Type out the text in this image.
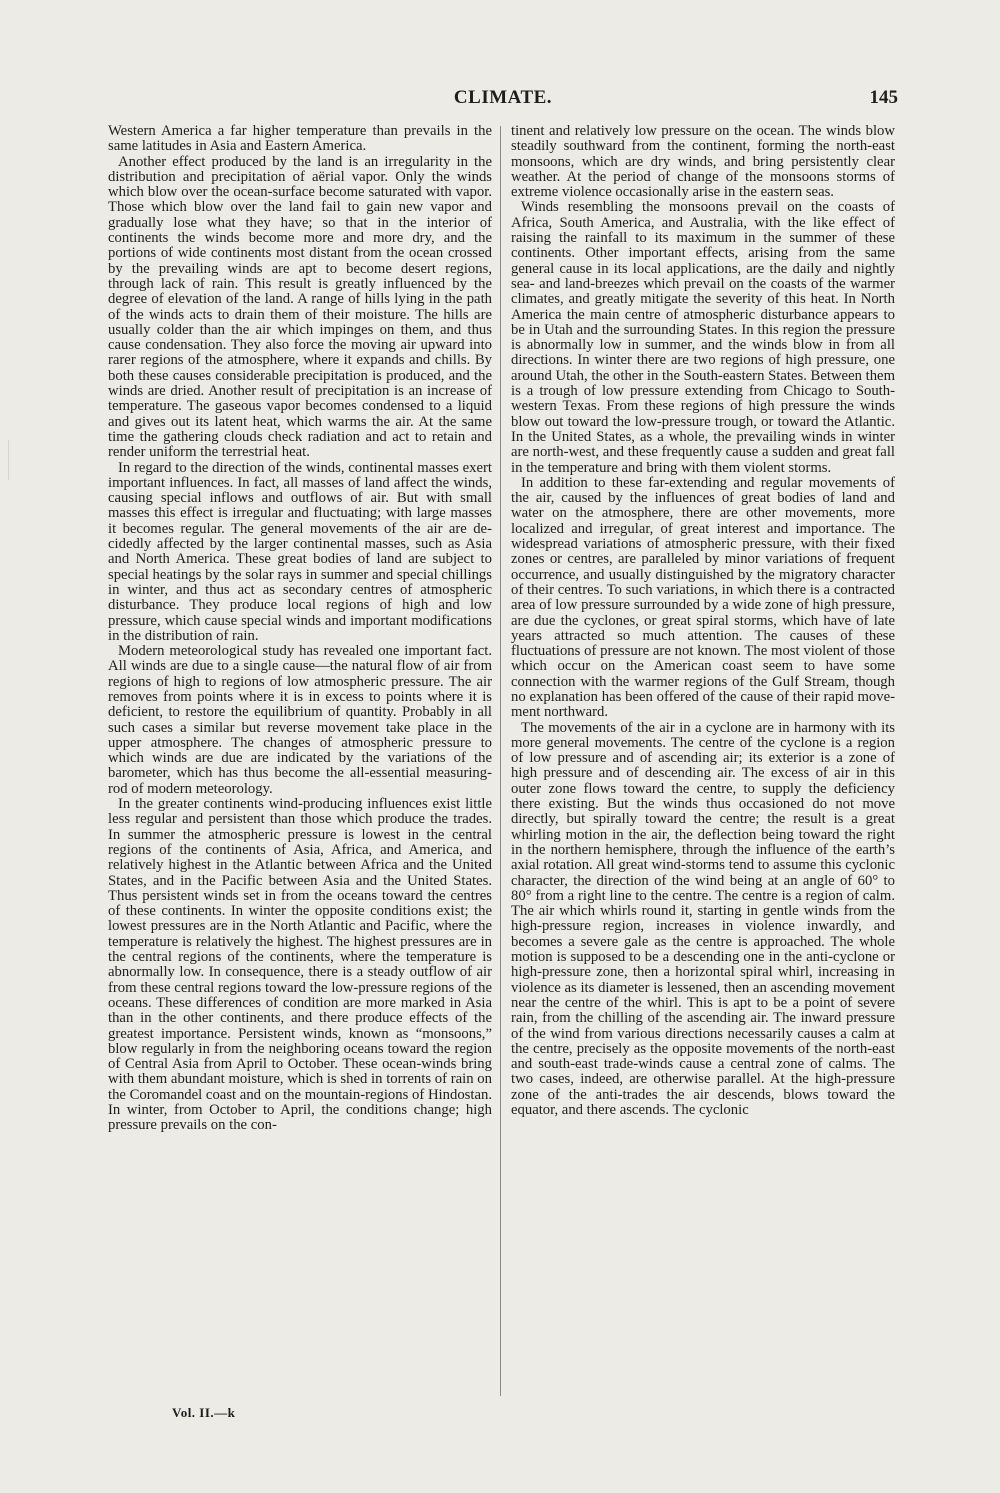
CLIMATE.	145

Western America a far higher temperature than prevails in the same latitudes in Asia and Eastern America.

Another effect produced by the land is an irregularity in the distribution and precipitation of aërial vapor. Only the winds which blow over the ocean-surface become saturated with vapor. Those which blow over the land fail to gain new vapor and gradually lose what they have; so that in the interior of continents the winds become more and more dry, and the portions of wide continents most distant from the ocean crossed by the prevailing winds are apt to become desert regions, through lack of rain. This result is greatly influenced by the degree of elevation of the land. A range of hills lying in the path of the winds acts to drain them of their moisture. The hills are usually colder than the air which impinges on them, and thus cause condensation. They also force the moving air upward into rarer regions of the atmosphere, where it expands and chills. By both these causes considerable precipitation is produced, and the winds are dried. Another result of precipitation is an increase of temperature. The gaseous vapor becomes condensed to a liquid and gives out its latent heat, which warms the air. At the same time the gathering clouds check radiation and act to retain and render uniform the terrestrial heat.

In regard to the direction of the winds, continental masses exert important influences. In fact, all masses of land affect the winds, causing special inflows and outflows of air. But with small masses this effect is irregular and fluctuating; with large masses it becomes regular. The general movements of the air are decidedly affected by the larger continental masses, such as Asia and North America. These great bodies of land are subject to special heatings by the solar rays in summer and special chillings in winter, and thus act as secondary centres of atmospheric disturbance. They produce local regions of high and low pressure, which cause special winds and important modifications in the distribution of rain.

Modern meteorological study has revealed one important fact. All winds are due to a single cause—the natural flow of air from regions of high to regions of low atmospheric pressure. The air removes from points where it is in excess to points where it is deficient, to restore the equilibrium of quantity. Probably in all such cases a similar but reverse movement take place in the upper atmosphere. The changes of atmospheric pressure to which winds are due are indicated by the variations of the barometer, which has thus become the all-essential measuring-rod of modern meteorology.

In the greater continents wind-producing influences exist little less regular and persistent than those which produce the trades. In summer the atmospheric pressure is lowest in the central regions of the continents of Asia, Africa, and America, and relatively highest in the Atlantic between Africa and the United States, and in the Pacific between Asia and the United States. Thus persistent winds set in from the oceans toward the centres of these continents. In winter the opposite conditions exist; the lowest pressures are in the North Atlantic and Pacific, where the temperature is relatively the highest. The highest pressures are in the central regions of the continents, where the temperature is abnormally low. In consequence, there is a steady outflow of air from these central regions toward the low-pressure regions of the oceans. These differences of condition are more marked in Asia than in the other continents, and there produce effects of the greatest importance. Persistent winds, known as “monsoons,” blow regularly in from the neighboring oceans toward the region of Central Asia from April to October. These ocean-winds bring with them abundant moisture, which is shed in torrents of rain on the Coromandel coast and on the mountain-regions of Hindostan. In winter, from October to April, the conditions change; high pressure prevails on the con-

tinent and relatively low pressure on the ocean. The winds blow steadily southward from the continent, forming the north-east monsoons, which are dry winds, and bring persistently clear weather. At the period of change of the monsoons storms of extreme violence occasionally arise in the eastern seas.

Winds resembling the monsoons prevail on the coasts of Africa, South America, and Australia, with the like effect of raising the rainfall to its maximum in the summer of these continents. Other important effects, arising from the same general cause in its local applications, are the daily and nightly sea- and land-breezes which prevail on the coasts of the warmer climates, and greatly mitigate the severity of this heat. In North America the main centre of atmospheric disturbance appears to be in Utah and the surrounding States. In this region the pressure is abnormally low in summer, and the winds blow in from all directions. In winter there are two regions of high pressure, one around Utah, the other in the South-eastern States. Between them is a trough of low pressure extending from Chicago to South-western Texas. From these regions of high pressure the winds blow out toward the low-pressure trough, or toward the Atlantic. In the United States, as a whole, the prevailing winds in winter are north-west, and these frequently cause a sudden and great fall in the temperature and bring with them violent storms.

In addition to these far-extending and regular movements of the air, caused by the influences of great bodies of land and water on the atmosphere, there are other movements, more localized and irregular, of great interest and importance. The widespread variations of atmospheric pressure, with their fixed zones or centres, are paralleled by minor variations of frequent occurrence, and usually distinguished by the migratory character of their centres. To such variations, in which there is a contracted area of low pressure surrounded by a wide zone of high pressure, are due the cyclones, or great spiral storms, which have of late years attracted so much attention. The causes of these fluctuations of pressure are not known. The most violent of those which occur on the American coast seem to have some connection with the warmer regions of the Gulf Stream, though no explanation has been offered of the cause of their rapid movement northward.

The movements of the air in a cyclone are in harmony with its more general movements. The centre of the cyclone is a region of low pressure and of ascending air; its exterior is a zone of high pressure and of descending air. The excess of air in this outer zone flows toward the centre, to supply the deficiency there existing. But the winds thus occasioned do not move directly, but spirally toward the centre; the result is a great whirling motion in the air, the deflection being toward the right in the northern hemisphere, through the influence of the earth’s axial rotation. All great wind-storms tend to assume this cyclonic character, the direction of the wind being at an angle of 60° to 80° from a right line to the centre. The centre is a region of calm. The air which whirls round it, starting in gentle winds from the high-pressure region, increases in violence inwardly, and becomes a severe gale as the centre is approached. The whole motion is supposed to be a descending one in the anti-cyclone or high-pressure zone, then a horizontal spiral whirl, increasing in violence as its diameter is lessened, then an ascending movement near the centre of the whirl. This is apt to be a point of severe rain, from the chilling of the ascending air. The inward pressure of the wind from various directions necessarily causes a calm at the centre, precisely as the opposite movements of the north-east and south-east trade-winds cause a central zone of calms. The two cases, indeed, are otherwise parallel. At the high-pressure zone of the anti-trades the air descends, blows toward the equator, and there ascends. The cyclonic

Vol. II.—k
